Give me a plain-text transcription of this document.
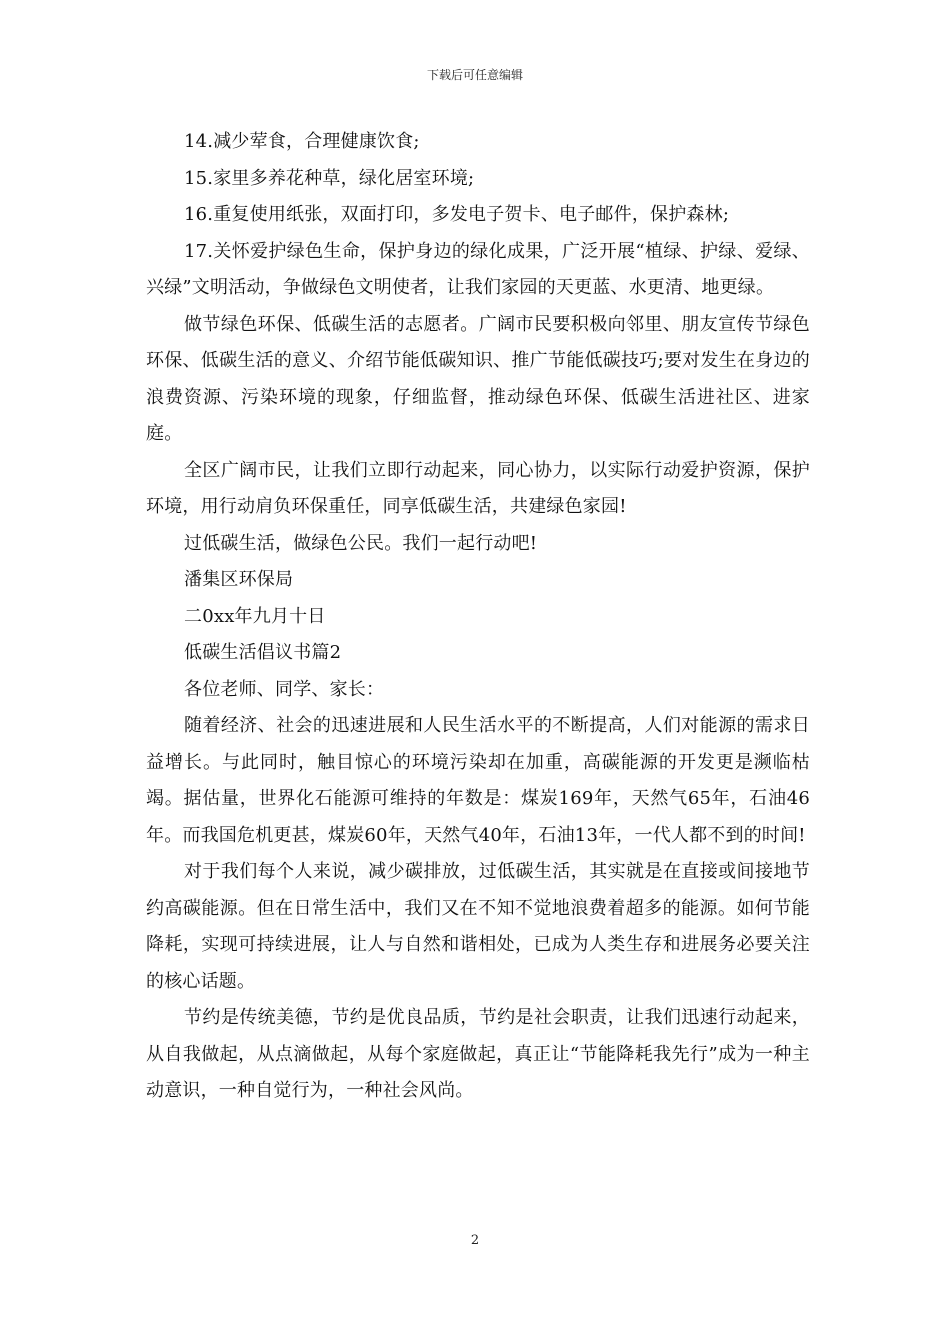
下载后可任意编辑

14.减少荤食，合理健康饮食;

15.家里多养花种草，绿化居室环境;

16.重复使用纸张，双面打印，多发电子贺卡、电子邮件，保护森林;

17.关怀爱护绿色生命，保护身边的绿化成果，广泛开展“植绿、护绿、爱绿、兴绿”文明活动，争做绿色文明使者，让我们家园的天更蓝、水更清、地更绿。

做节绿色环保、低碳生活的志愿者。广阔市民要积极向邻里、朋友宣传节绿色环保、低碳生活的意义、介绍节能低碳知识、推广节能低碳技巧;要对发生在身边的浪费资源、污染环境的现象，仔细监督，推动绿色环保、低碳生活进社区、进家庭。

全区广阔市民，让我们立即行动起来，同心协力，以实际行动爱护资源，保护环境，用行动肩负环保重任，同享低碳生活，共建绿色家园!

过低碳生活，做绿色公民。我们一起行动吧!

潘集区环保局

二0xx年九月十日

低碳生活倡议书篇2

各位老师、同学、家长：

随着经济、社会的迅速进展和人民生活水平的不断提高，人们对能源的需求日益增长。与此同时，触目惊心的环境污染却在加重，高碳能源的开发更是濒临枯竭。据估量，世界化石能源可维持的年数是：煤炭169年，天然气65年，石油46年。而我国危机更甚，煤炭60年，天然气40年，石油13年，一代人都不到的时间!

对于我们每个人来说，减少碳排放，过低碳生活，其实就是在直接或间接地节约高碳能源。但在日常生活中，我们又在不知不觉地浪费着超多的能源。如何节能降耗，实现可持续进展，让人与自然和谐相处，已成为人类生存和进展务必要关注的核心话题。

节约是传统美德，节约是优良品质，节约是社会职责，让我们迅速行动起来，从自我做起，从点滴做起，从每个家庭做起，真正让“节能降耗我先行”成为一种主动意识，一种自觉行为，一种社会风尚。

2
